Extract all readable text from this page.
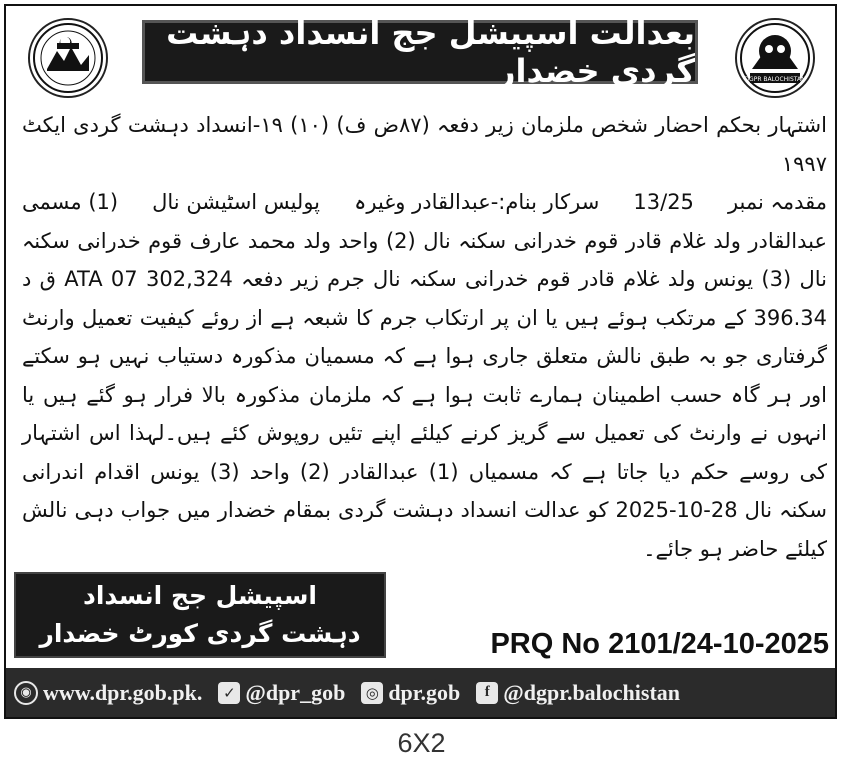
بعدالت اسپیشل جج انسداد دہشت گردی خضدار	DGPR BALOCHISTAN

اشتہار بحکم احضار شخص ملزمان زیر دفعہ (۸۷ض ف) (۱۰) ۱۹-انسداد دہشت گردی ایکٹ ۱۹۹۷

مقدمہ نمبر
13/25
سرکار بنام:-عبدالقادر وغیرہ
پولیس اسٹیشن نال
(1) مسمی

عبدالقادر ولد غلام قادر قوم خدرانی سکنہ نال (2) واحد ولد محمد عارف قوم خدرانی سکنہ نال (3) یونس ولد غلام قادر قوم خدرانی سکنہ نال جرم زیر دفعہ 302,324 07 ATA ق د 396.34 کے مرتکب ہوئے ہیں یا ان پر ارتکاب جرم کا شبعہ ہے از روئے کیفیت تعمیل وارنٹ گرفتاری جو بہ طبق نالش متعلق جاری ہوا ہے کہ مسمیان مذکورہ دستیاب نہیں ہو سکتے اور ہر گاہ حسب اطمینان ہمارے ثابت ہوا ہے کہ ملزمان مذکورہ بالا فرار ہو گئے ہیں یا انہوں نے وارنٹ کی تعمیل سے گریز کرنے کیلئے اپنے تئیں روپوش کئے ہیں۔لہذا اس اشتہار کی روسے حکم دیا جاتا ہے کہ مسمیاں (1) عبدالقادر (2) واحد (3) یونس اقدام اندرانی سکنہ نال 28-10-2025 کو عدالت انسداد دہشت گردی بمقام خضدار میں جواب دہی نالش کیلئے حاضر ہو جائے۔

اسپیشل جج انسداد
دہشت گردی کورٹ خضدار	PRQ No 2101/24-10-2025
◉ www.dpr.gob.pk.	✓ @dpr_gob ◎ dpr.gob	f @dgpr.balochistan
6X2
